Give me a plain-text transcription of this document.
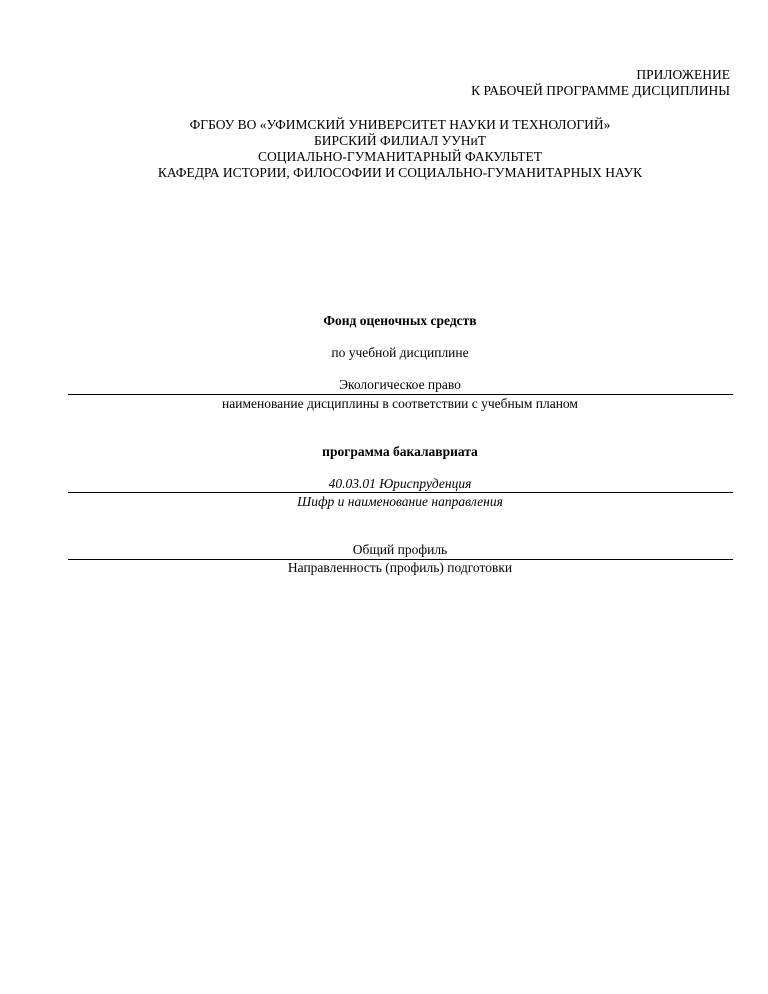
ПРИЛОЖЕНИЕ
К РАБОЧЕЙ ПРОГРАММЕ ДИСЦИПЛИНЫ
ФГБОУ ВО «УФИМСКИЙ УНИВЕРСИТЕТ НАУКИ И ТЕХНОЛОГИЙ»
БИРСКИЙ ФИЛИАЛ УУНиТ
СОЦИАЛЬНО-ГУМАНИТАРНЫЙ ФАКУЛЬТЕТ
КАФЕДРА ИСТОРИИ, ФИЛОСОФИИ И СОЦИАЛЬНО-ГУМАНИТАРНЫХ НАУК
Фонд оценочных средств
по учебной дисциплине
Экологическое право
наименование дисциплины в соответствии с учебным планом
программа бакалавриата
40.03.01 Юриспруденция
Шифр и наименование направления
Общий профиль
Направленность (профиль) подготовки
